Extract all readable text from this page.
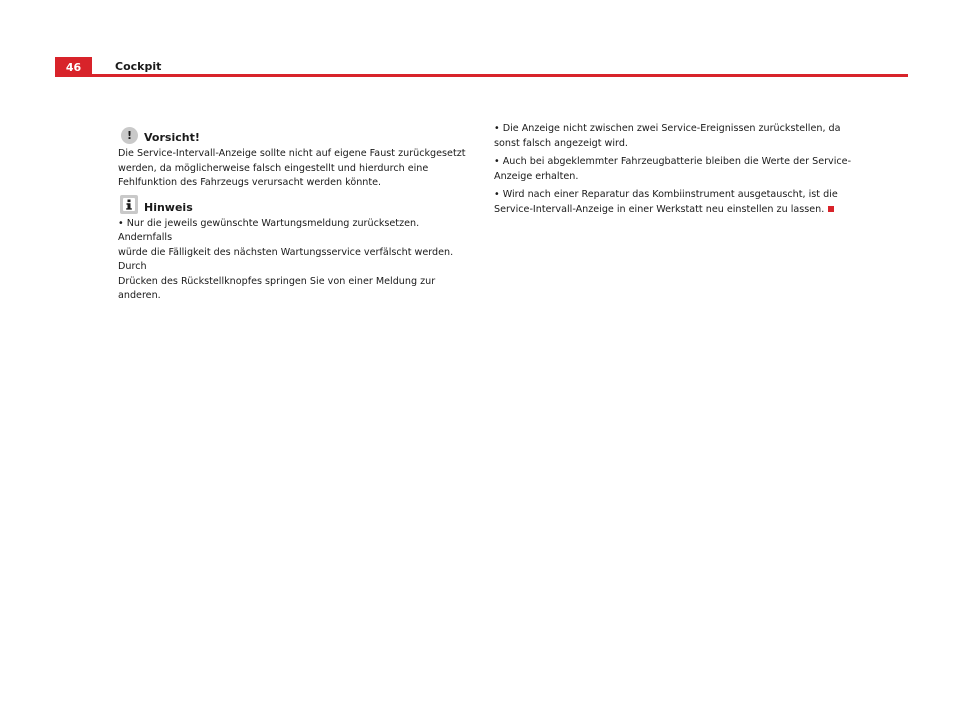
46	Cockpit
! Vorsicht!
Die Service-Intervall-Anzeige sollte nicht auf eigene Faust zurückgesetzt
werden, da möglicherweise falsch eingestellt und hierdurch eine
Fehlfunktion des Fahrzeugs verursacht werden könnte.
Hinweis
• Nur die jeweils gewünschte Wartungsmeldung zurücksetzen. Andernfalls
würde die Fälligkeit des nächsten Wartungsservice verfälscht werden. Durch
Drücken des Rückstellknopfes springen Sie von einer Meldung zur anderen.
• Die Anzeige nicht zwischen zwei Service-Ereignissen zurückstellen, da
sonst falsch angezeigt wird.
• Auch bei abgeklemmter Fahrzeugbatterie bleiben die Werte der Service-
Anzeige erhalten.
• Wird nach einer Reparatur das Kombiinstrument ausgetauscht, ist die
Service-Intervall-Anzeige in einer Werkstatt neu einstellen zu lassen.
